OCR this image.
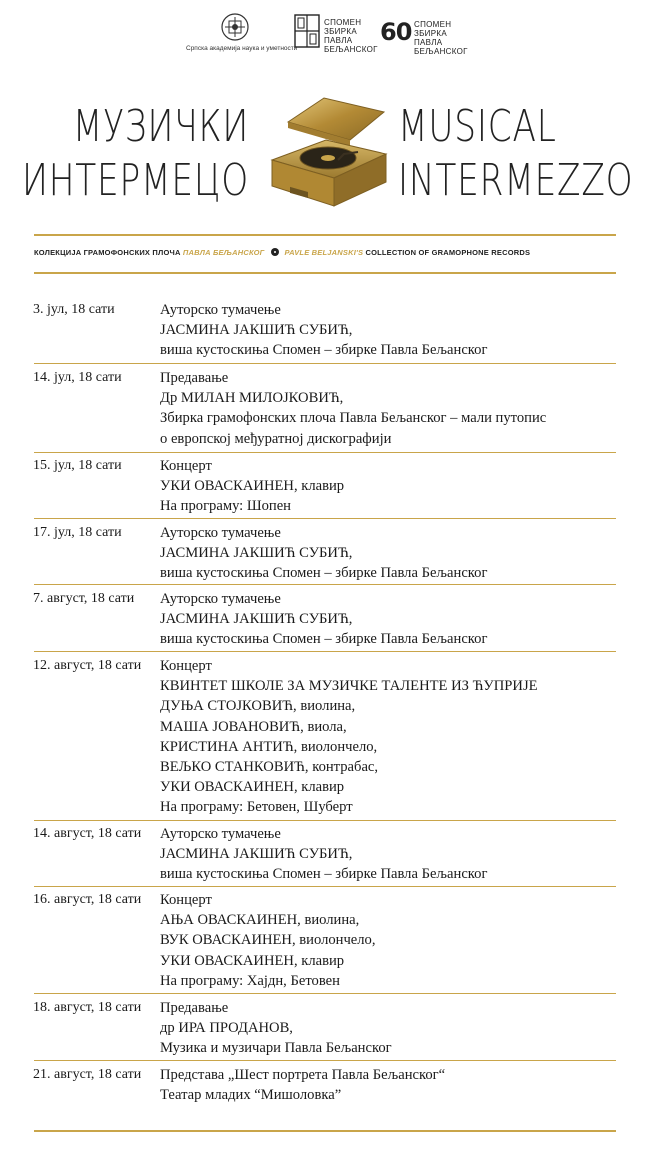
Српска академија наука и уметности
СПОМЕН
ЗБИРКА
ПАВЛА
БЕЉАНСКОГ
60 СПОМЕН
ЗБИРКА
ПАВЛА
БЕЉАНСКОГ
МУЗИЧКИ
ИНТЕРМЕЦО
MUSICAL
INTERMEZZO
КОЛЕКЦИЈА ГРАМОФОНСКИХ ПЛОЧА ПАВЛА БЕЉАНСКОГ	PAVLE BELJANSKI'S COLLECTION OF GRAMOPHONE RECORDS
3. јул, 18 сати	Ауторско тумачење
ЈАСМИНА ЈАКШИЋ СУБИЋ,
виша кустоскиња Спомен – збирке Павла Бељанског
14. јул, 18 сати	Предавање
Др МИЛАН МИЛОЈКОВИЋ,
Збирка грамофонских плоча Павла Бељанског – мали путопис
о европској међуратној дискографији
15. јул, 18 сати	Концерт
УКИ ОВАСКАИНЕН, клавир
На програму: Шопен
17. јул, 18 сати	Ауторско тумачење
ЈАСМИНА ЈАКШИЋ СУБИЋ,
виша кустоскиња Спомен – збирке Павла Бељанског
7. август, 18 сати Ауторско тумачење
ЈАСМИНА ЈАКШИЋ СУБИЋ,
виша кустоскиња Спомен – збирке Павла Бељанског
12. август, 18 сати Концерт
КВИНТЕТ ШКОЛЕ ЗА МУЗИЧКЕ ТАЛЕНТЕ ИЗ ЋУПРИЈЕ
ДУЊА СТОЈКОВИЋ, виолина,
МАША ЈОВАНОВИЋ, виола,
КРИСТИНА АНТИЋ, виолончело,
ВЕЉКО СТАНКОВИЋ, контрабас,
УКИ ОВАСКАИНЕН, клавир
На програму: Бетовен, Шуберт
14. август, 18 сати Ауторско тумачење
ЈАСМИНА ЈАКШИЋ СУБИЋ,
виша кустоскиња Спомен – збирке Павла Бељанског
16. август, 18 сати Концерт
АЊА ОВАСКАИНЕН, виолина,
ВУК ОВАСКАИНЕН, виолончело,
УКИ ОВАСКАИНЕН, клавир
На програму: Хајдн, Бетовен
18. август, 18 сати Предавање
др ИРА ПРОДАНОВ,
Музика и музичари Павла Бељанског
21. август, 18 сати Представа „Шест портрета Павла Бељанског“
Театар младих “Мишоловка”
